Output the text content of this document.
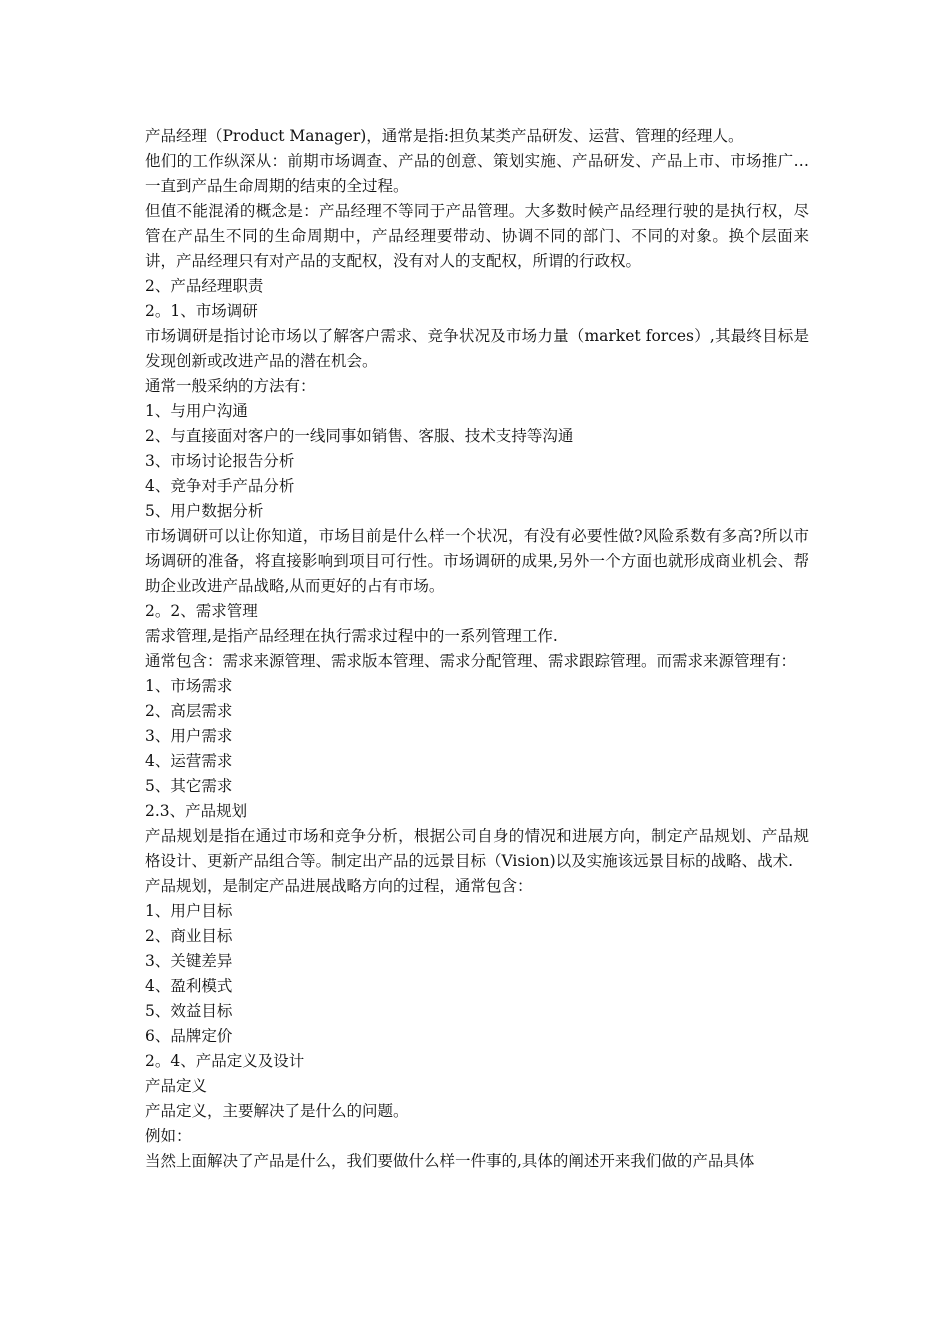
产品经理（Product Manager)，通常是指:担负某类产品研发、运营、管理的经理人。

他们的工作纵深从：前期市场调查、产品的创意、策划实施、产品研发、产品上市、市场推广…一直到产品生命周期的结束的全过程。

但值不能混淆的概念是：产品经理不等同于产品管理。大多数时候产品经理行驶的是执行权，尽管在产品生不同的生命周期中，产品经理要带动、协调不同的部门、不同的对象。换个层面来讲，产品经理只有对产品的支配权，没有对人的支配权，所谓的行政权。

2、产品经理职责

2。1、市场调研

市场调研是指讨论市场以了解客户需求、竞争状况及市场力量（market forces）,其最终目标是发现创新或改进产品的潜在机会。

通常一般采纳的方法有：

1、与用户沟通

2、与直接面对客户的一线同事如销售、客服、技术支持等沟通

3、市场讨论报告分析

4、竞争对手产品分析

5、用户数据分析

市场调研可以让你知道，市场目前是什么样一个状况，有没有必要性做?风险系数有多高?所以市场调研的准备，将直接影响到项目可行性。市场调研的成果,另外一个方面也就形成商业机会、帮助企业改进产品战略,从而更好的占有市场。

2。2、需求管理

需求管理,是指产品经理在执行需求过程中的一系列管理工作.

通常包含：需求来源管理、需求版本管理、需求分配管理、需求跟踪管理。而需求来源管理有：

1、市场需求

2、高层需求

3、用户需求

4、运营需求

5、其它需求

2.3、产品规划

产品规划是指在通过市场和竞争分析，根据公司自身的情况和进展方向，制定产品规划、产品规格设计、更新产品组合等。制定出产品的远景目标（Vision)以及实施该远景目标的战略、战术.

产品规划，是制定产品进展战略方向的过程，通常包含：

1、用户目标

2、商业目标

3、关键差异

4、盈利模式

5、效益目标

6、品牌定价

2。4、产品定义及设计

产品定义

产品定义，主要解决了是什么的问题。

例如：

当然上面解决了产品是什么，我们要做什么样一件事的,具体的阐述开来我们做的产品具体
